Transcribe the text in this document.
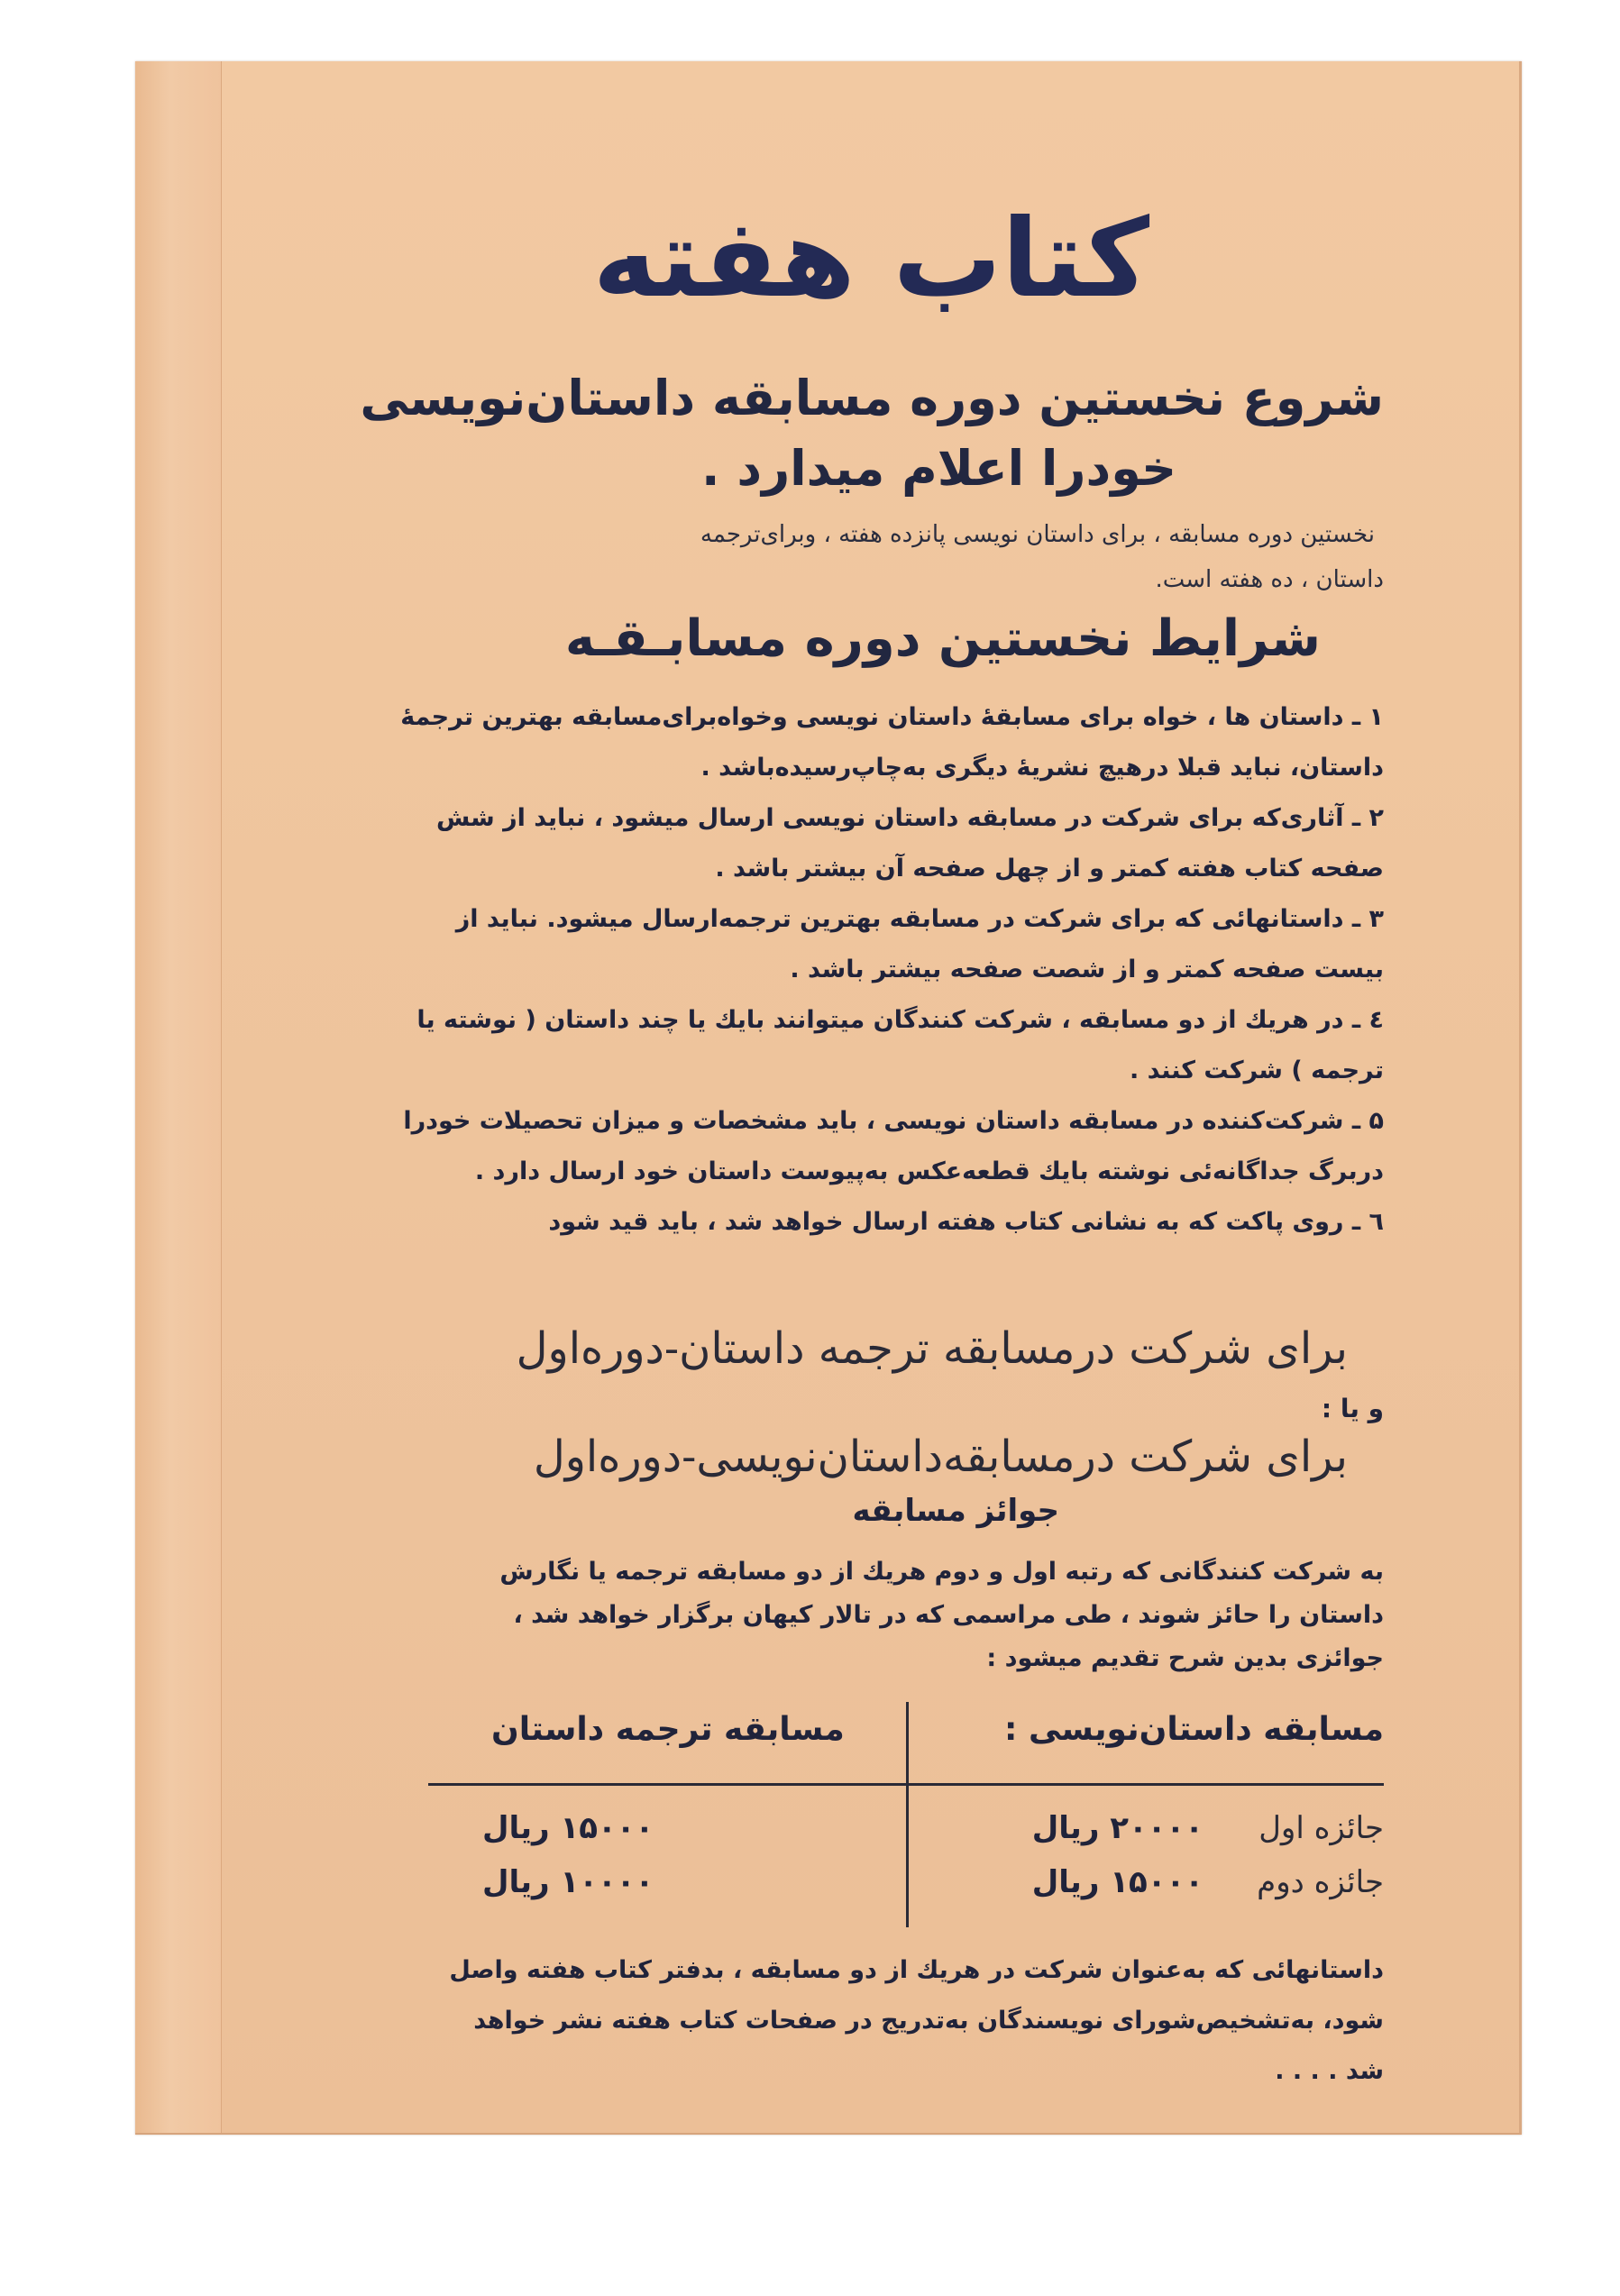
کتاب هفته
شروع نخستین دوره مسابقه داستان‌نویسی
خودرا اعلام میدارد .
نخستین دوره مسابقه ، برای داستان نویسی پانزده هفته ، وبرای‌ترجمه
داستان ، ده هفته است.
شرایط نخستین دوره مسابـقـه

۱ ـ داستان ها ، خواه برای مسابقهٔ داستان نویسی وخواه‌برای‌مسابقه بهترین ترجمهٔ داستان، نباید قبلا درهیچ نشریهٔ دیگری به‌چاپ‌رسیده‌باشد .

۲ ـ آثاری‌که برای شرکت در مسابقه داستان نویسی ارسال میشود ، نباید از شش صفحه کتاب هفته کمتر و از چهل صفحه آن بیشتر باشد .

۳ ـ داستانهائی که برای شرکت در مسابقه بهترین ترجمه‌ارسال میشود. نباید از بیست صفحه کمتر و از شصت صفحه بیشتر باشد .

٤ ـ در هریك از دو مسابقه ، شرکت کنندگان میتوانند بایك یا چند داستان ( نوشته یا ترجمه ) شرکت کنند .

۵ ـ شرکت‌کننده در مسابقه داستان نویسی ، باید مشخصات و میزان تحصیلات خودرا دربرگ جداگانه‌ئی نوشته بایك قطعه‌عکس به‌پیوست داستان خود ارسال دارد .

٦ ـ روی پاکت که به نشانی کتاب هفته ارسال خواهد شد ، باید قید شود

برای شرکت درمسابقه ترجمه داستان-دوره‌اول
و یا :
برای شرکت درمسابقه‌داستان‌نویسی-دوره‌اول
جوائز مسابقه
به شرکت کنندگانی که رتبه اول و دوم هریك از دو مسابقه ترجمه یا نگارش داستان را حائز شوند ، طی مراسمی که در تالار کیهان برگزار خواهد شد ، جوائزی بدین شرح تقدیم میشود :
مسابقه داستان‌نویسی :
مسابقه ترجمه داستان
جائزه اول
۲۰۰۰۰ ریال
۱۵۰۰۰ ریال
جائزه دوم
۱۵۰۰۰ ریال
۱۰۰۰۰ ریال
داستانهائی که به‌عنوان شرکت در هریك از دو مسابقه ، بدفتر کتاب هفته واصل شود، به‌تشخیص‌شورای نویسندگان به‌تدریج در صفحات کتاب هفته نشر خواهد شد . . . .
